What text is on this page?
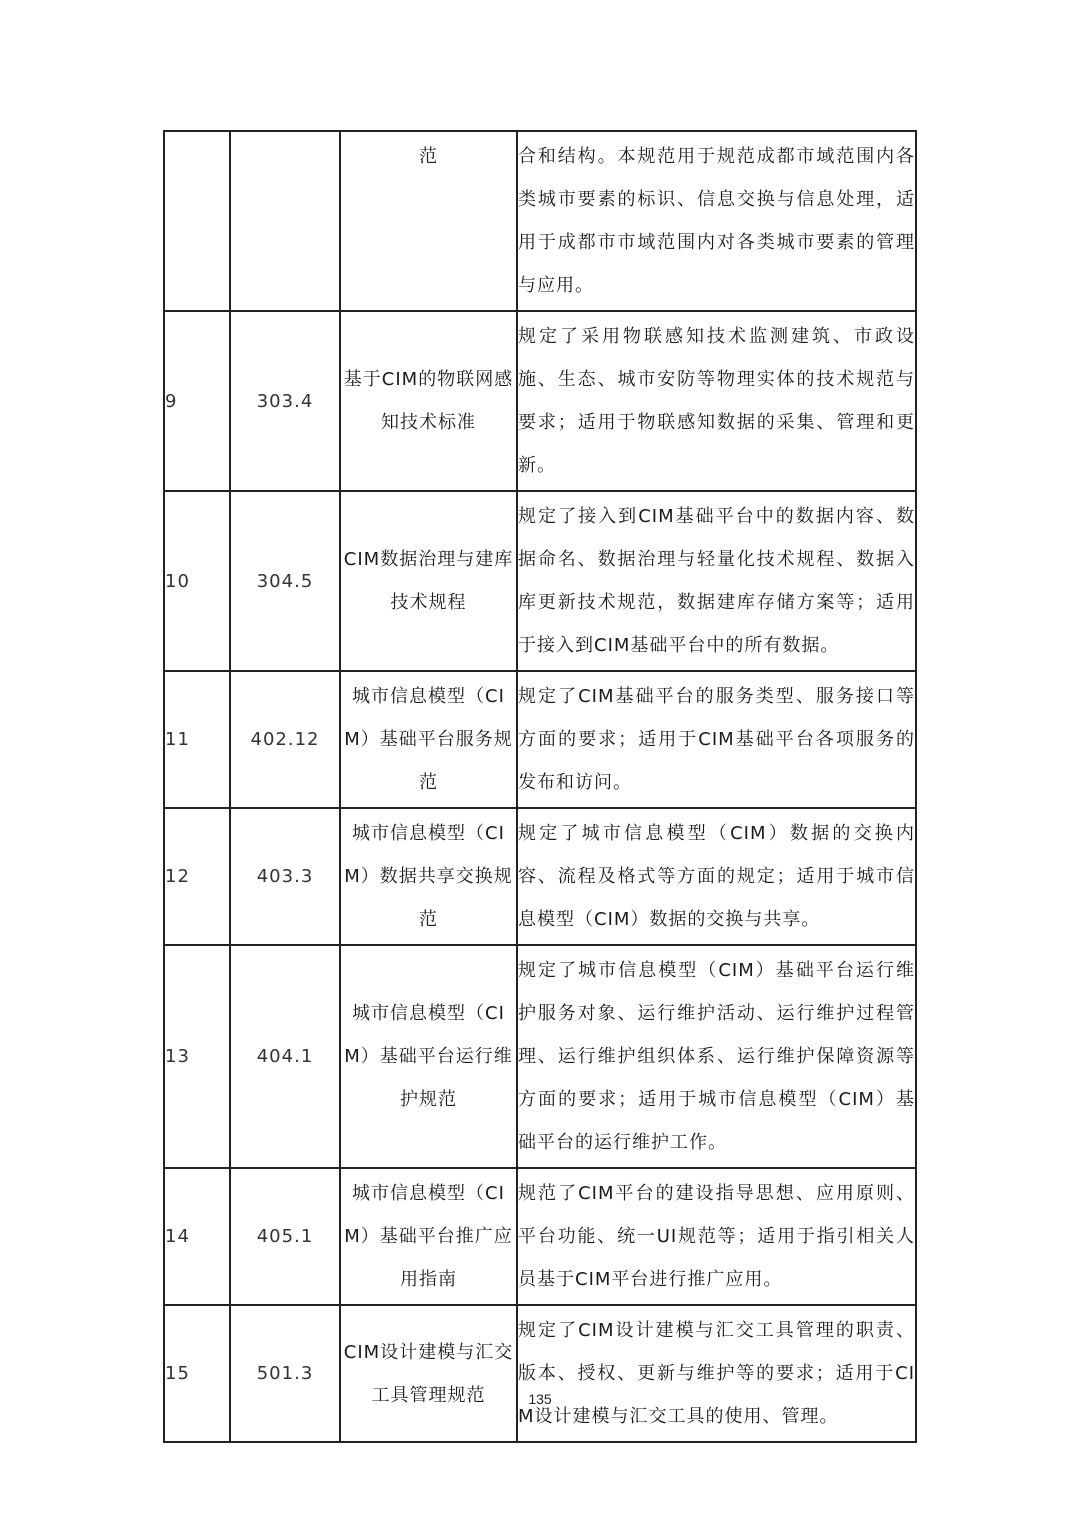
		范	合和结构。本规范用于规范成都市域范围内各类城市要素的标识、信息交换与信息处理，适用于成都市市域范围内对各类城市要素的管理与应用。

9	303.4	基于CIM的物联网感知技术标准	规定了采用物联感知技术监测建筑、市政设施、生态、城市安防等物理实体的技术规范与要求；适用于物联感知数据的采集、管理和更新。

10	304.5	CIM数据治理与建库技术规程	规定了接入到CIM基础平台中的数据内容、数据命名、数据治理与轻量化技术规程、数据入库更新技术规范，数据建库存储方案等；适用于接入到CIM基础平台中的所有数据。

11	402.12	城市信息模型（CIM）基础平台服务规范	规定了CIM基础平台的服务类型、服务接口等方面的要求；适用于CIM基础平台各项服务的发布和访问。

12	403.3	城市信息模型（CIM）数据共享交换规范	规定了城市信息模型（CIM）数据的交换内容、流程及格式等方面的规定；适用于城市信息模型（CIM）数据的交换与共享。

13	404.1	城市信息模型（CIM）基础平台运行维护规范	规定了城市信息模型（CIM）基础平台运行维护服务对象、运行维护活动、运行维护过程管理、运行维护组织体系、运行维护保障资源等方面的要求；适用于城市信息模型（CIM）基础平台的运行维护工作。

14	405.1	城市信息模型（CIM）基础平台推广应用指南	规范了CIM平台的建设指导思想、应用原则、平台功能、统一UI规范等；适用于指引相关人员基于CIM平台进行推广应用。

15	501.3	CIM设计建模与汇交工具管理规范	规定了CIM设计建模与汇交工具管理的职责、版本、授权、更新与维护等的要求；适用于CIM设计建模与汇交工具的使用、管理。
135
